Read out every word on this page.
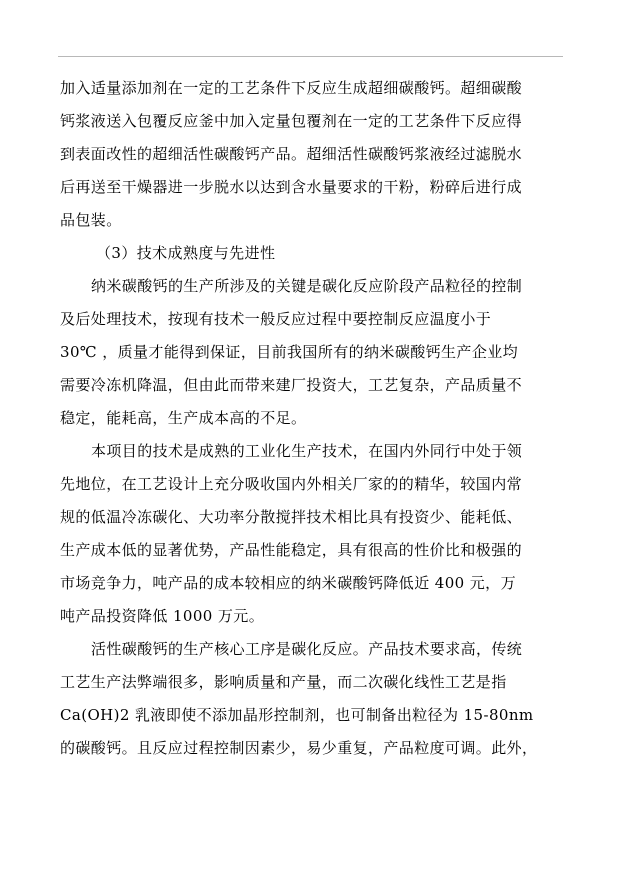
加入适量添加剂在一定的工艺条件下反应生成超细碳酸钙。超细碳酸
钙浆液送入包覆反应釜中加入定量包覆剂在一定的工艺条件下反应得
到表面改性的超细活性碳酸钙产品。超细活性碳酸钙浆液经过滤脱水
后再送至干燥器进一步脱水以达到含水量要求的干粉，粉碎后进行成
品包装。
（3）技术成熟度与先进性
纳米碳酸钙的生产所涉及的关键是碳化反应阶段产品粒径的控制
及后处理技术，按现有技术一般反应过程中要控制反应温度小于
30℃ ，质量才能得到保证，目前我国所有的纳米碳酸钙生产企业均
需要冷冻机降温，但由此而带来建厂投资大，工艺复杂，产品质量不
稳定，能耗高，生产成本高的不足。
本项目的技术是成熟的工业化生产技术，在国内外同行中处于领
先地位，在工艺设计上充分吸收国内外相关厂家的的精华，较国内常
规的低温冷冻碳化、大功率分散搅拌技术相比具有投资少、能耗低、
生产成本低的显著优势，产品性能稳定，具有很高的性价比和极强的
市场竞争力，吨产品的成本较相应的纳米碳酸钙降低近 400 元，万
吨产品投资降低 1000 万元。
活性碳酸钙的生产核心工序是碳化反应。产品技术要求高，传统
工艺生产法弊端很多，影响质量和产量，而二次碳化线性工艺是指
Ca(OH)2 乳液即使不添加晶形控制剂，也可制备出粒径为 15-80nm
的碳酸钙。且反应过程控制因素少，易少重复，产品粒度可调。此外，
